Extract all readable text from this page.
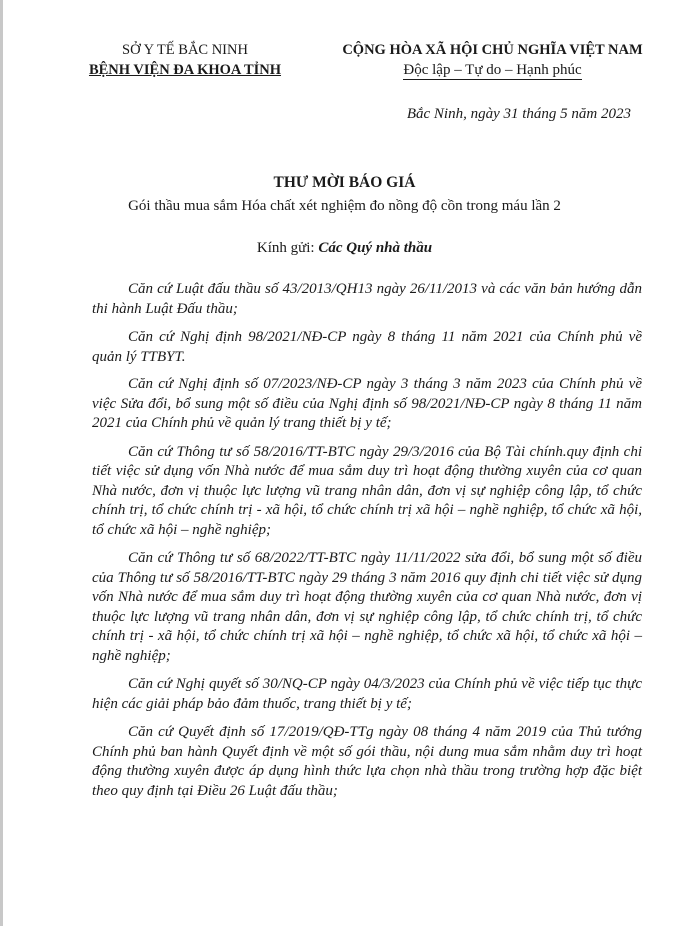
SỞ Y TẾ BẮC NINH
BỆNH VIỆN ĐA KHOA TỈNH
CỘNG HÒA XÃ HỘI CHỦ NGHĨA VIỆT NAM
Độc lập – Tự do – Hạnh phúc
Bắc Ninh, ngày 31 tháng 5 năm 2023
THƯ MỜI BÁO GIÁ
Gói thầu mua sắm Hóa chất xét nghiệm đo nồng độ cồn trong máu lần 2
Kính gửi: Các Quý nhà thầu

Căn cứ Luật đấu thầu số 43/2013/QH13 ngày 26/11/2013 và các văn bản hướng dẫn thi hành Luật Đấu thầu;

Căn cứ Nghị định 98/2021/NĐ-CP ngày 8 tháng 11 năm 2021 của Chính phủ về quản lý TTBYT.

Căn cứ Nghị định số 07/2023/NĐ-CP ngày 3 tháng 3 năm 2023 của Chính phủ về việc Sửa đổi, bổ sung một số điều của Nghị định số 98/2021/NĐ-CP ngày 8 tháng 11 năm 2021 của Chính phủ về quản lý trang thiết bị y tế;

Căn cứ Thông tư số 58/2016/TT-BTC ngày 29/3/2016 của Bộ Tài chính.quy định chi tiết việc sử dụng vốn Nhà nước để mua sắm duy trì hoạt động thường xuyên của cơ quan Nhà nước, đơn vị thuộc lực lượng vũ trang nhân dân, đơn vị sự nghiệp công lập, tổ chức chính trị, tổ chức chính trị - xã hội, tổ chức chính trị xã hội – nghề nghiệp, tổ chức xã hội, tổ chức xã hội – nghề nghiệp;

Căn cứ Thông tư số 68/2022/TT-BTC ngày 11/11/2022 sửa đổi, bổ sung một số điều của Thông tư số 58/2016/TT-BTC ngày 29 tháng 3 năm 2016 quy định chi tiết việc sử dụng vốn Nhà nước để mua sắm duy trì hoạt động thường xuyên của cơ quan Nhà nước, đơn vị thuộc lực lượng vũ trang nhân dân, đơn vị sự nghiệp công lập, tổ chức chính trị, tổ chức chính trị - xã hội, tổ chức chính trị xã hội – nghề nghiệp, tổ chức xã hội, tổ chức xã hội – nghề nghiệp;

Căn cứ Nghị quyết số 30/NQ-CP ngày 04/3/2023 của Chính phủ về việc tiếp tục thực hiện các giải pháp bảo đảm thuốc, trang thiết bị y tế;

Căn cứ Quyết định số 17/2019/QĐ-TTg ngày 08 tháng 4 năm 2019 của Thủ tướng Chính phủ ban hành Quyết định về một số gói thầu, nội dung mua sắm nhằm duy trì hoạt động thường xuyên được áp dụng hình thức lựa chọn nhà thầu trong trường hợp đặc biệt theo quy định tại Điều 26 Luật đấu thầu;
